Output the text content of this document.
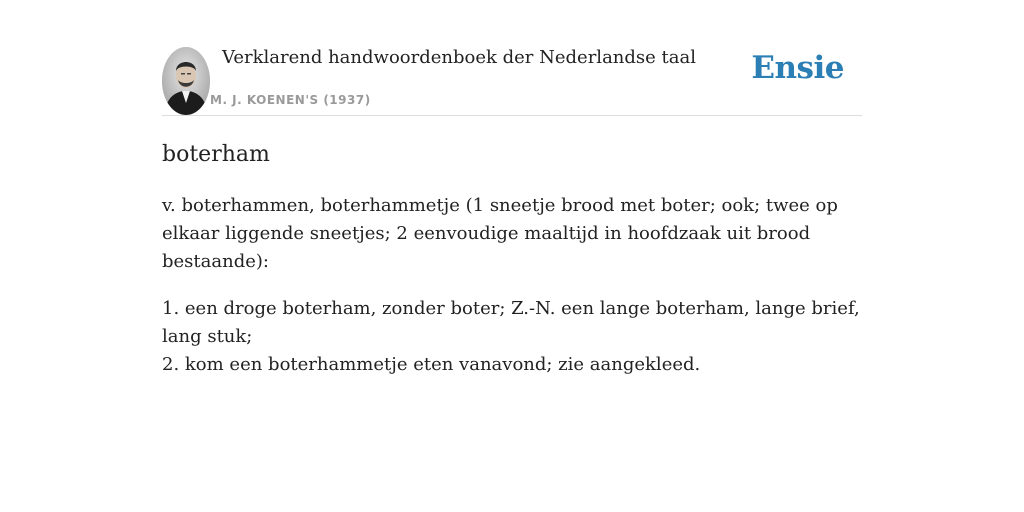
Verklarend handwoordenboek der Nederlandse taal
M. J. KOENEN'S (1937)
Ensie
boterham

v. boterhammen, boterhammetje (1 sneetje brood met boter; ook; twee op elkaar liggende sneetjes; 2 eenvoudige maaltijd in hoofdzaak uit brood bestaande):

1. een droge boterham, zonder boter; Z.-N. een lange boterham, lange brief, lang stuk;

2. kom een boterhammetje eten vanavond; zie aangekleed.
